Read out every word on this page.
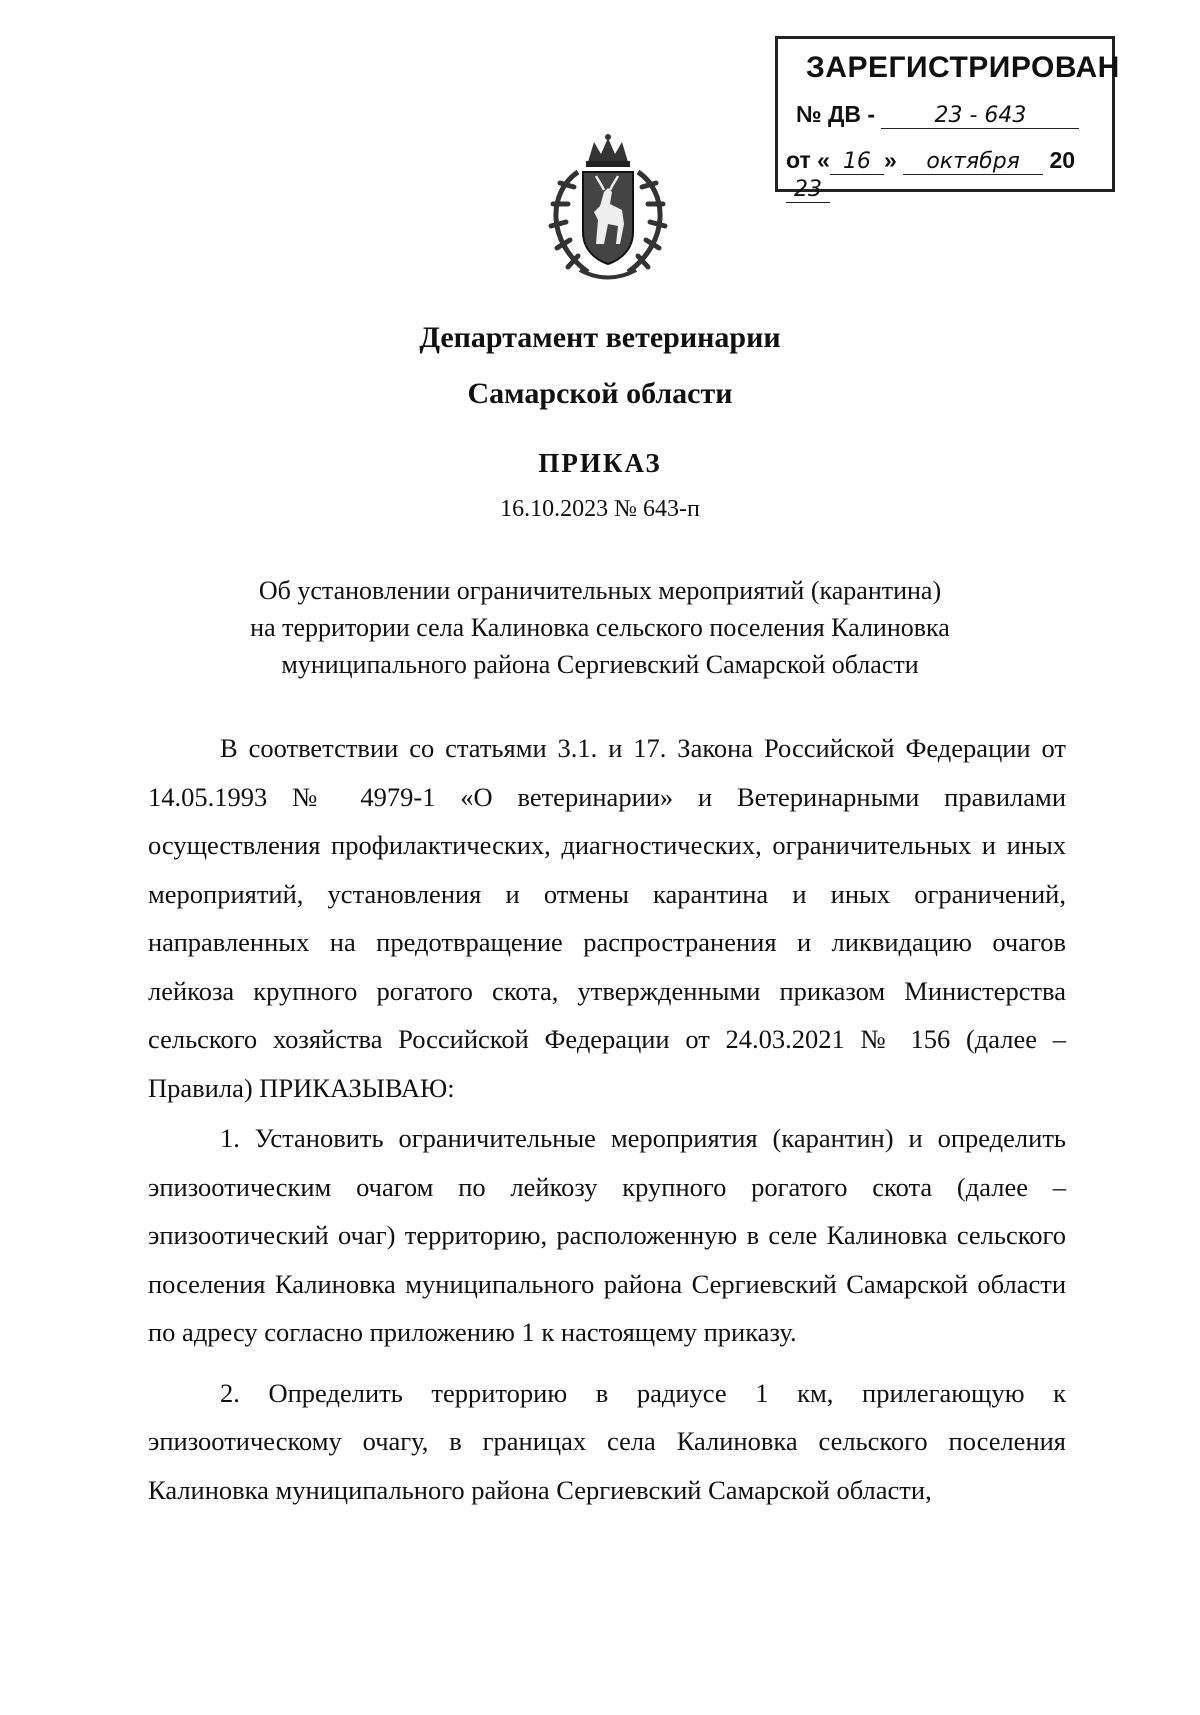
ЗАРЕГИСТРИРОВАН
№ ДВ -	23 - 643
от « 16 » октября 2023
Департамент ветеринарии
Самарской области
ПРИКАЗ
16.10.2023 № 643-п
Об установлении ограничительных мероприятий (карантина)
на территории села Калиновка сельского поселения Калиновка
муниципального района Сергиевский Самарской области

В соответствии со статьями 3.1. и 17. Закона Российской Федерации от 14.05.1993 № 4979-1 «О ветеринарии» и Ветеринарными правилами осуществления профилактических, диагностических, ограничительных и иных мероприятий, установления и отмены карантина и иных ограничений, направленных на предотвращение распространения и ликвидацию очагов лейкоза крупного рогатого скота, утвержденными приказом Министерства сельского хозяйства Российской Федерации от 24.03.2021 № 156 (далее – Правила) ПРИКАЗЫВАЮ:

1. Установить ограничительные мероприятия (карантин) и определить эпизоотическим очагом по лейкозу крупного рогатого скота (далее – эпизоотический очаг) территорию, расположенную в селе Калиновка сельского поселения Калиновка муниципального района Сергиевский Самарской области по адресу согласно приложению 1 к настоящему приказу.

2. Определить территорию в радиусе 1 км, прилегающую к эпизоотическому очагу, в границах села Калиновка сельского поселения Калиновка муниципального района Сергиевский Самарской области,
